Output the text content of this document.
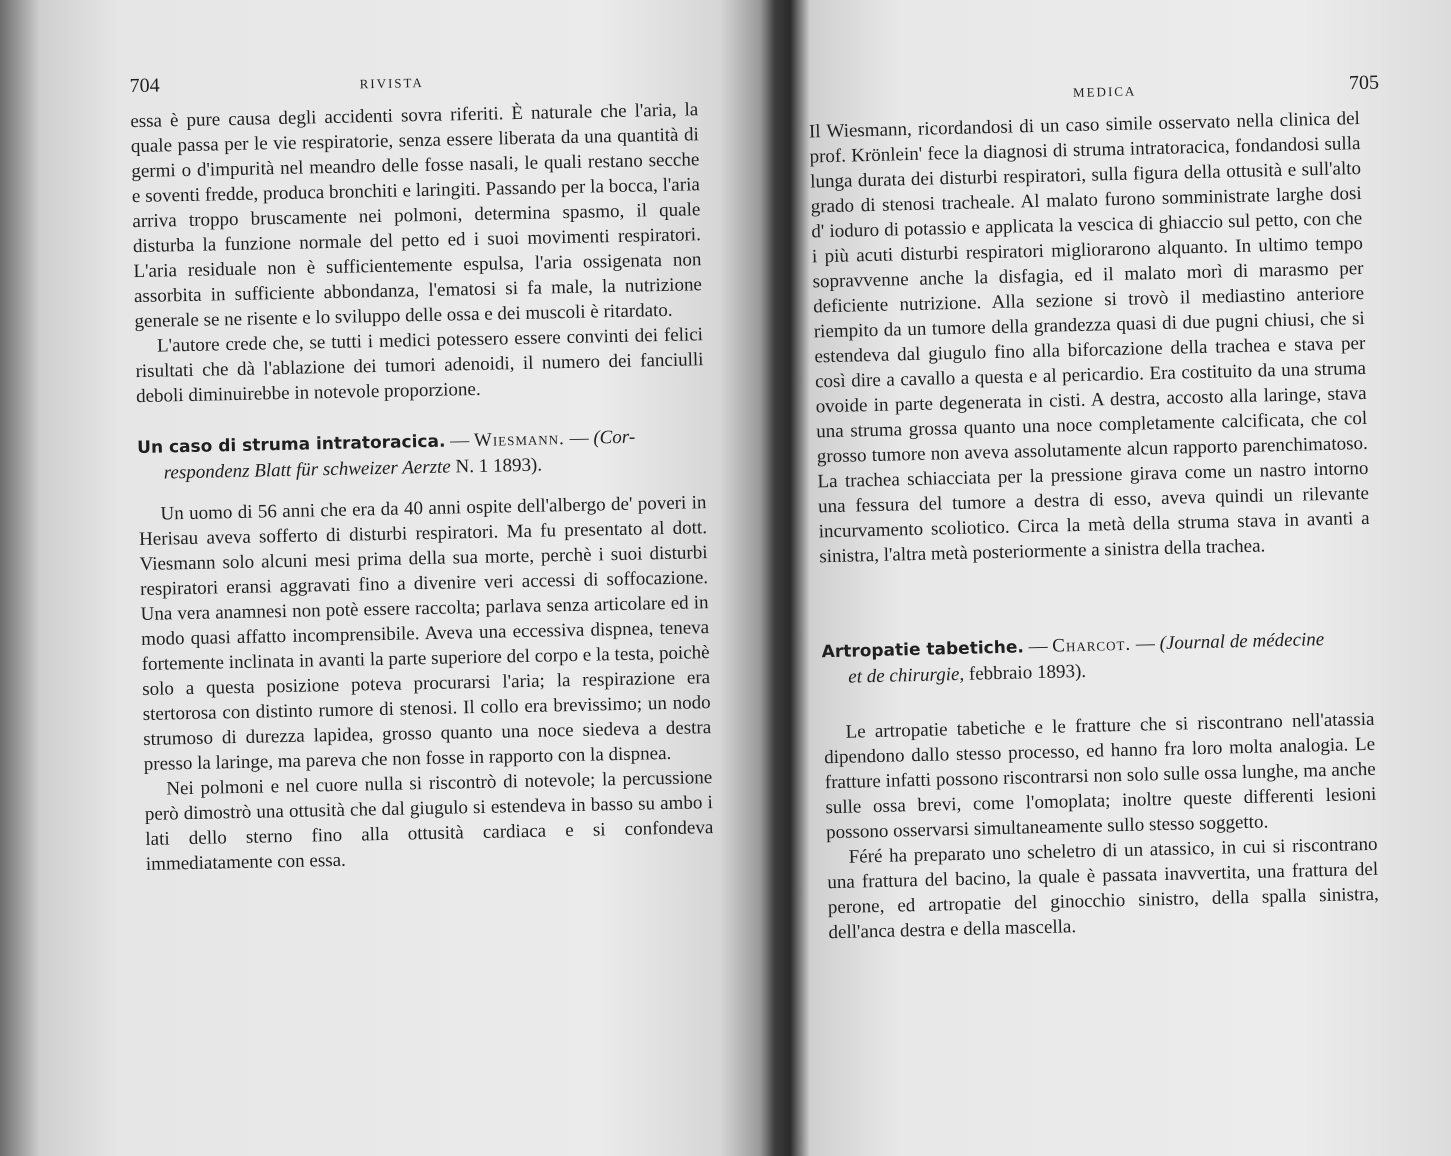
704	RIVISTA

essa è pure causa degli accidenti sovra riferiti. È naturale che l'aria, la quale passa per le vie respiratorie, senza essere liberata da una quantità di germi o d'impurità nel meandro delle fosse nasali, le quali restano secche e soventi fredde, produca bronchiti e laringiti. Passando per la bocca, l'aria arriva troppo bruscamente nei polmoni, determina spasmo, il quale disturba la funzione normale del petto ed i suoi movimenti respiratori. L'aria residuale non è sufficientemente espulsa, l'aria ossigenata non assorbita in sufficiente abbondanza, l'ematosi si fa male, la nutrizione generale se ne risente e lo sviluppo delle ossa e dei muscoli è ritardato.

L'autore crede che, se tutti i medici potessero essere convinti dei felici risultati che dà l'ablazione dei tumori adenoidi, il numero dei fanciulli deboli diminuirebbe in notevole proporzione.

Un caso di struma intratoracica. — Wiesmann. — (Cor-
respondenz Blatt für schweizer Aerzte N. 1 1893).

Un uomo di 56 anni che era da 40 anni ospite dell'albergo de' poveri in Herisau aveva sofferto di disturbi respiratori. Ma fu presentato al dott. Viesmann solo alcuni mesi prima della sua morte, perchè i suoi disturbi respiratori eransi aggravati fino a divenire veri accessi di soffocazione. Una vera anamnesi non potè essere raccolta; parlava senza articolare ed in modo quasi affatto incomprensibile. Aveva una eccessiva dispnea, teneva fortemente inclinata in avanti la parte superiore del corpo e la testa, poichè solo a questa posizione poteva procurarsi l'aria; la respirazione era stertorosa con distinto rumore di stenosi. Il collo era brevissimo; un nodo strumoso di durezza lapidea, grosso quanto una noce siedeva a destra presso la laringe, ma pareva che non fosse in rapporto con la dispnea.

Nei polmoni e nel cuore nulla si riscontrò di notevole; la percussione però dimostrò una ottusità che dal giugulo si estendeva in basso su ambo i lati dello sterno fino alla ottusità cardiaca e si confondeva immediatamente con essa.

MEDICA	705

Il Wiesmann, ricordandosi di un caso simile osservato nella clinica del prof. Krönlein' fece la diagnosi di struma intratoracica, fondandosi sulla lunga durata dei disturbi respiratori, sulla figura della ottusità e sull'alto grado di stenosi tracheale. Al malato furono somministrate larghe dosi d' ioduro di potassio e applicata la vescica di ghiaccio sul petto, con che i più acuti disturbi respiratori migliorarono alquanto. In ultimo tempo sopravvenne anche la disfagia, ed il malato morì di marasmo per deficiente nutrizione. Alla sezione si trovò il mediastino anteriore riempito da un tumore della grandezza quasi di due pugni chiusi, che si estendeva dal giugulo fino alla biforcazione della trachea e stava per così dire a cavallo a questa e al pericardio. Era costituito da una struma ovoide in parte degenerata in cisti. A destra, accosto alla laringe, stava una struma grossa quanto una noce completamente calcificata, che col grosso tumore non aveva assolutamente alcun rapporto parenchimatoso. La trachea schiacciata per la pressione girava come un nastro intorno una fessura del tumore a destra di esso, aveva quindi un rilevante incurvamento scoliotico. Circa la metà della struma stava in avanti a sinistra, l'altra metà posteriormente a sinistra della trachea.

Artropatie tabetiche. — Charcot. — (Journal de médecine
et de chirurgie, febbraio 1893).

Le artropatie tabetiche e le fratture che si riscontrano nell'atassia dipendono dallo stesso processo, ed hanno fra loro molta analogia. Le fratture infatti possono riscontrarsi non solo sulle ossa lunghe, ma anche sulle ossa brevi, come l'omoplata; inoltre queste differenti lesioni possono osservarsi simultaneamente sullo stesso soggetto.

Féré ha preparato uno scheletro di un atassico, in cui si riscontrano una frattura del bacino, la quale è passata inavvertita, una frattura del perone, ed artropatie del ginocchio sinistro, della spalla sinistra, dell'anca destra e della mascella.
